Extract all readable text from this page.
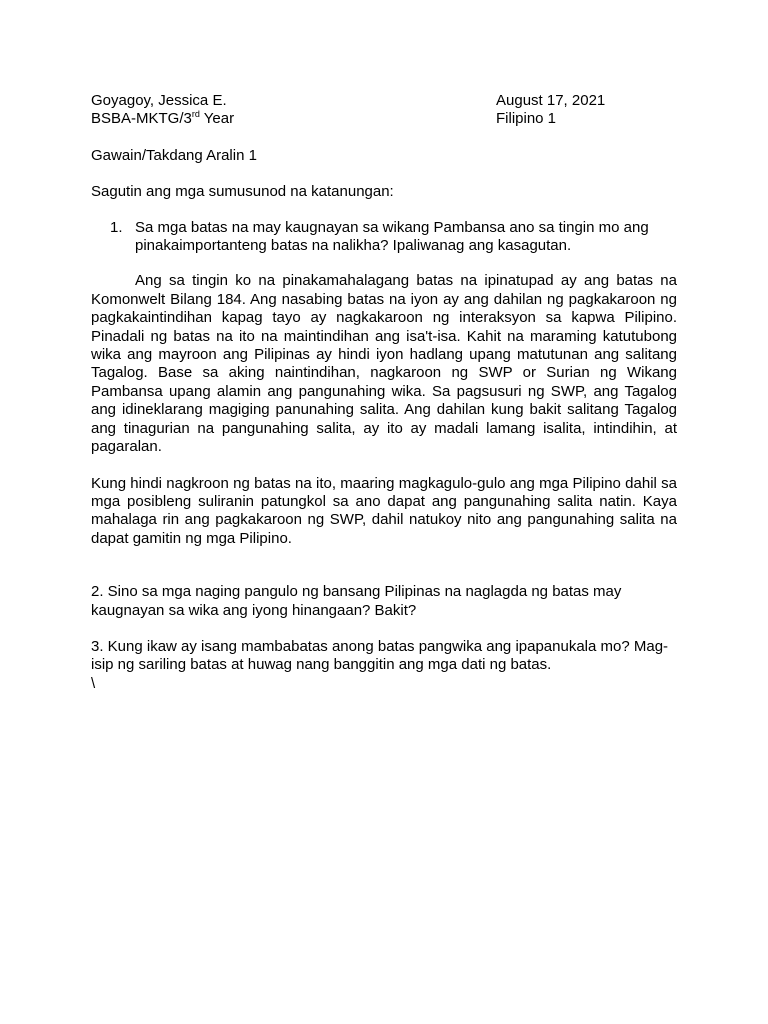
Goyagoy, Jessica E.
BSBA-MKTG/3rd Year
August 17, 2021
Filipino 1
Gawain/Takdang Aralin 1
Sagutin ang mga sumusunod na katanungan:
1. Sa mga batas na may kaugnayan sa wikang Pambansa ano sa tingin mo ang pinakaimportanteng batas na nalikha? Ipaliwanag ang kasagutan.

Ang sa tingin ko na pinakamahalagang batas na ipinatupad ay ang batas na Komonwelt Bilang 184. Ang nasabing batas na iyon ay ang dahilan ng pagkakaroon ng pagkakaintindihan kapag tayo ay nagkakaroon ng interaksyon sa kapwa Pilipino. Pinadali ng batas na ito na maintindihan ang isa't-isa. Kahit na maraming katutubong wika ang mayroon ang Pilipinas ay hindi iyon hadlang upang matutunan ang salitang Tagalog. Base sa aking naintindihan, nagkaroon ng SWP or Surian ng Wikang Pambansa upang alamin ang pangunahing wika. Sa pagsusuri ng SWP, ang Tagalog ang idineklarang magiging panunahing salita. Ang dahilan kung bakit salitang Tagalog ang tinagurian na pangunahing salita, ay ito ay madali lamang isalita, intindihin, at pagaralan.

Kung hindi nagkroon ng batas na ito, maaring magkagulo-gulo ang mga Pilipino dahil sa mga posibleng suliranin patungkol sa ano dapat ang pangunahing salita natin. Kaya mahalaga rin ang pagkakaroon ng SWP, dahil natukoy nito ang pangunahing salita na dapat gamitin ng mga Pilipino.

2. Sino sa mga naging pangulo ng bansang Pilipinas na naglagda ng batas may kaugnayan sa wika ang iyong hinangaan? Bakit?

3. Kung ikaw ay isang mambabatas anong batas pangwika ang ipapanukala mo? Mag-isip ng sariling batas at huwag nang banggitin ang mga dati ng batas.

\
